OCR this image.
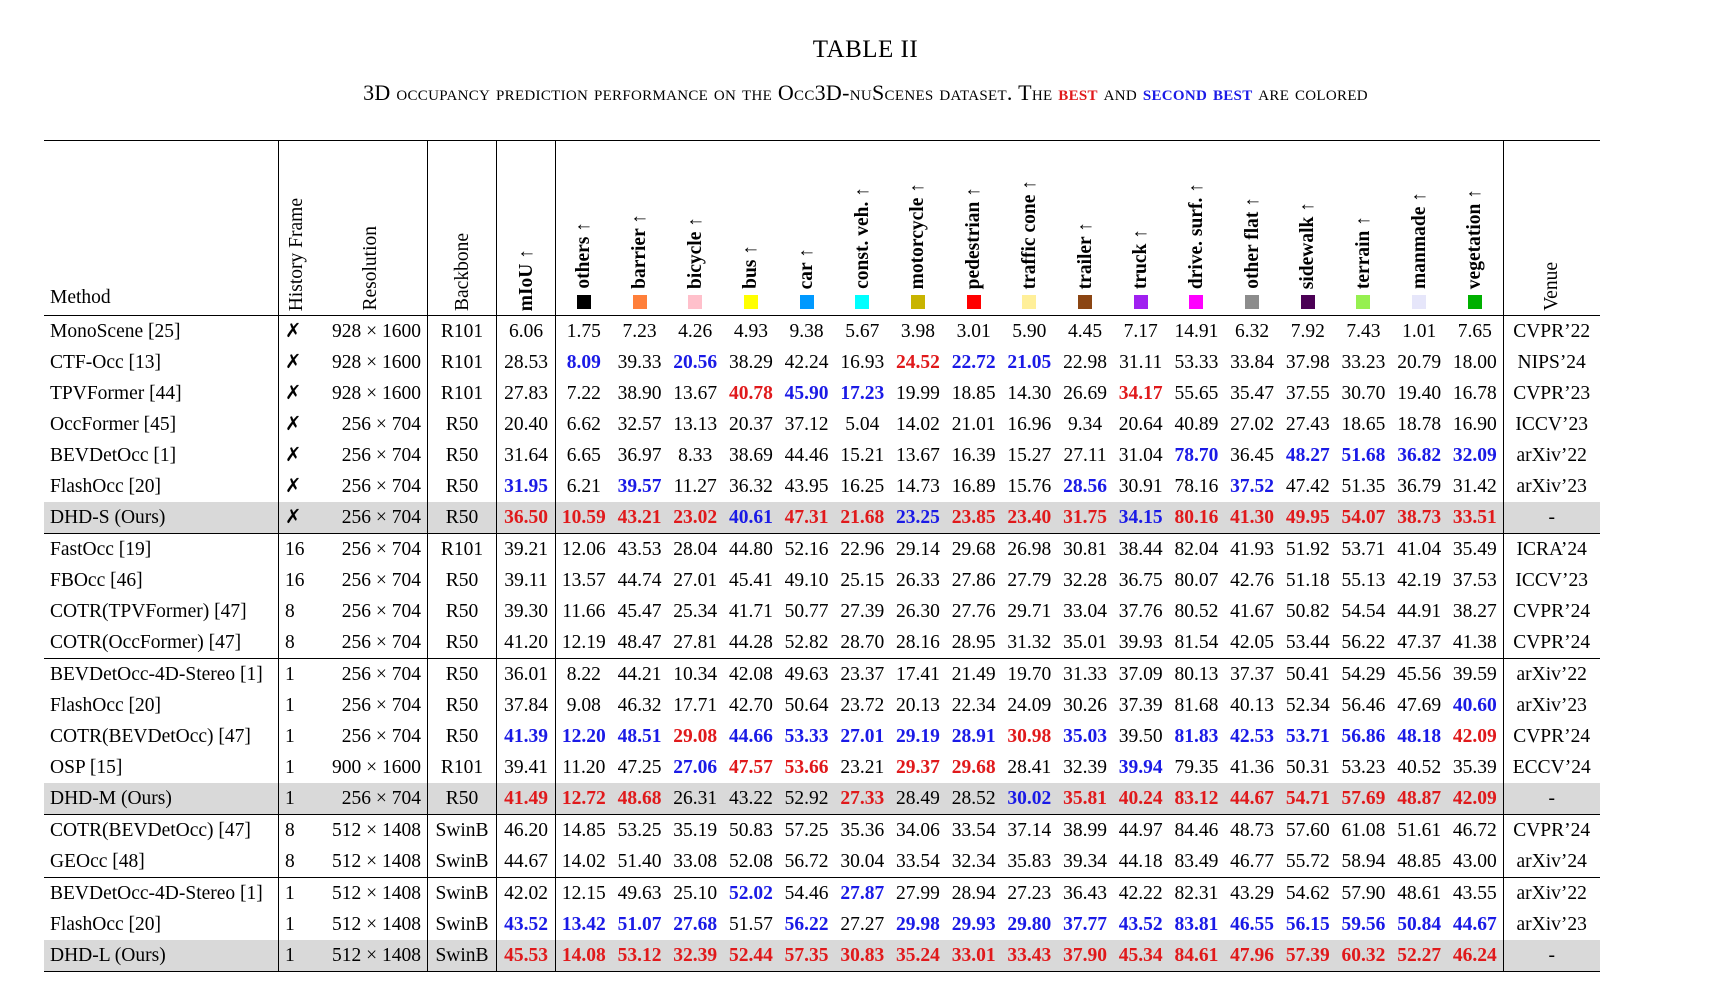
TABLE II
3D occupancy prediction performance on the Occ3D-nuScenes dataset. The best and second best are colored
Method	History Frame	Resolution	Backbone	mIoU ↑	others ↑	barrier ↑	bicycle ↑	bus ↑	car ↑	const. veh. ↑	motorcycle ↑	pedestrian ↑	traffic cone ↑	trailer ↑	truck ↑	drive. surf. ↑	other flat ↑	sidewalk ↑	terrain ↑	manmade ↑	vegetation ↑	Venue

MonoScene [25]	✗	928 × 1600	R101	6.06	1.75	7.23	4.26	4.93	9.38	5.67	3.98	3.01	5.90	4.45	7.17	14.91	6.32	7.92	7.43	1.01	7.65	CVPR’22
CTF-Occ [13]	✗	928 × 1600	R101	28.53	8.09	39.33	20.56	38.29	42.24	16.93	24.52	22.72	21.05	22.98	31.11	53.33	33.84	37.98	33.23	20.79	18.00	NIPS’24
TPVFormer [44]	✗	928 × 1600	R101	27.83	7.22	38.90	13.67	40.78	45.90	17.23	19.99	18.85	14.30	26.69	34.17	55.65	35.47	37.55	30.70	19.40	16.78	CVPR’23
OccFormer [45]	✗	256 × 704	R50	20.40	6.62	32.57	13.13	20.37	37.12	5.04	14.02	21.01	16.96	9.34	20.64	40.89	27.02	27.43	18.65	18.78	16.90	ICCV’23
BEVDetOcc [1]	✗	256 × 704	R50	31.64	6.65	36.97	8.33	38.69	44.46	15.21	13.67	16.39	15.27	27.11	31.04	78.70	36.45	48.27	51.68	36.82	32.09	arXiv’22
FlashOcc [20]	✗	256 × 704	R50	31.95	6.21	39.57	11.27	36.32	43.95	16.25	14.73	16.89	15.76	28.56	30.91	78.16	37.52	47.42	51.35	36.79	31.42	arXiv’23
DHD-S (Ours)	✗	256 × 704	R50	36.50	10.59	43.21	23.02	40.61	47.31	21.68	23.25	23.85	23.40	31.75	34.15	80.16	41.30	49.95	54.07	38.73	33.51	-
FastOcc [19]	16	256 × 704	R101	39.21	12.06	43.53	28.04	44.80	52.16	22.96	29.14	29.68	26.98	30.81	38.44	82.04	41.93	51.92	53.71	41.04	35.49	ICRA’24
FBOcc [46]	16	256 × 704	R50	39.11	13.57	44.74	27.01	45.41	49.10	25.15	26.33	27.86	27.79	32.28	36.75	80.07	42.76	51.18	55.13	42.19	37.53	ICCV’23
COTR(TPVFormer) [47]	8	256 × 704	R50	39.30	11.66	45.47	25.34	41.71	50.77	27.39	26.30	27.76	29.71	33.04	37.76	80.52	41.67	50.82	54.54	44.91	38.27	CVPR’24
COTR(OccFormer) [47]	8	256 × 704	R50	41.20	12.19	48.47	27.81	44.28	52.82	28.70	28.16	28.95	31.32	35.01	39.93	81.54	42.05	53.44	56.22	47.37	41.38	CVPR’24
BEVDetOcc-4D-Stereo [1]	1	256 × 704	R50	36.01	8.22	44.21	10.34	42.08	49.63	23.37	17.41	21.49	19.70	31.33	37.09	80.13	37.37	50.41	54.29	45.56	39.59	arXiv’22
FlashOcc [20]	1	256 × 704	R50	37.84	9.08	46.32	17.71	42.70	50.64	23.72	20.13	22.34	24.09	30.26	37.39	81.68	40.13	52.34	56.46	47.69	40.60	arXiv’23
COTR(BEVDetOcc) [47]	1	256 × 704	R50	41.39	12.20	48.51	29.08	44.66	53.33	27.01	29.19	28.91	30.98	35.03	39.50	81.83	42.53	53.71	56.86	48.18	42.09	CVPR’24
OSP [15]	1	900 × 1600	R101	39.41	11.20	47.25	27.06	47.57	53.66	23.21	29.37	29.68	28.41	32.39	39.94	79.35	41.36	50.31	53.23	40.52	35.39	ECCV’24
DHD-M (Ours)	1	256 × 704	R50	41.49	12.72	48.68	26.31	43.22	52.92	27.33	28.49	28.52	30.02	35.81	40.24	83.12	44.67	54.71	57.69	48.87	42.09	-
COTR(BEVDetOcc) [47]	8	512 × 1408	SwinB	46.20	14.85	53.25	35.19	50.83	57.25	35.36	34.06	33.54	37.14	38.99	44.97	84.46	48.73	57.60	61.08	51.61	46.72	CVPR’24
GEOcc [48]	8	512 × 1408	SwinB	44.67	14.02	51.40	33.08	52.08	56.72	30.04	33.54	32.34	35.83	39.34	44.18	83.49	46.77	55.72	58.94	48.85	43.00	arXiv’24
BEVDetOcc-4D-Stereo [1]	1	512 × 1408	SwinB	42.02	12.15	49.63	25.10	52.02	54.46	27.87	27.99	28.94	27.23	36.43	42.22	82.31	43.29	54.62	57.90	48.61	43.55	arXiv’22
FlashOcc [20]	1	512 × 1408	SwinB	43.52	13.42	51.07	27.68	51.57	56.22	27.27	29.98	29.93	29.80	37.77	43.52	83.81	46.55	56.15	59.56	50.84	44.67	arXiv’23
DHD-L (Ours)	1	512 × 1408	SwinB	45.53	14.08	53.12	32.39	52.44	57.35	30.83	35.24	33.01	33.43	37.90	45.34	84.61	47.96	57.39	60.32	52.27	46.24	-
